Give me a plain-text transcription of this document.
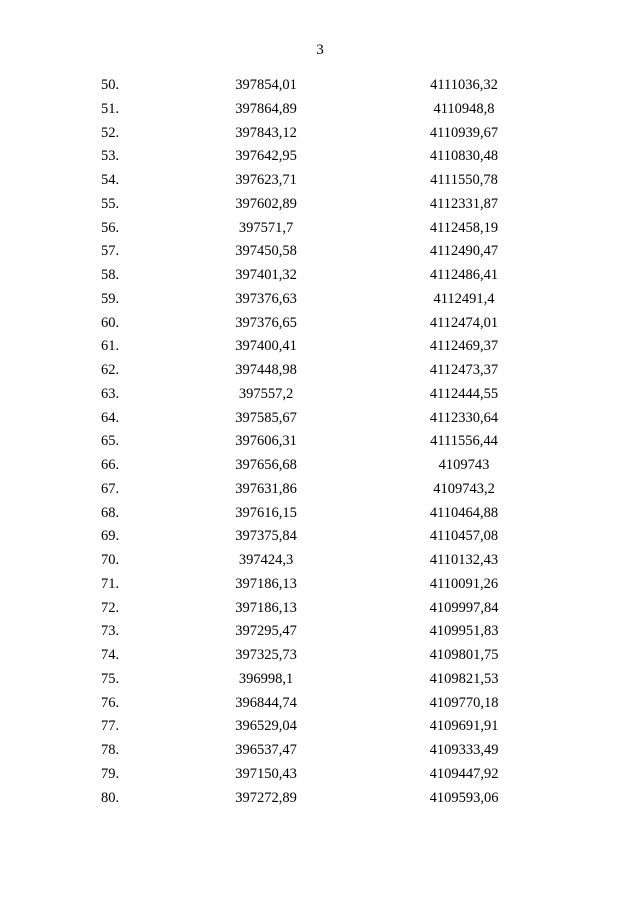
3
50.	397854,01	4111036,32
51.	397864,89	4110948,8
52.	397843,12	4110939,67
53.	397642,95	4110830,48
54.	397623,71	4111550,78
55.	397602,89	4112331,87
56.	397571,7	4112458,19
57.	397450,58	4112490,47
58.	397401,32	4112486,41
59.	397376,63	4112491,4
60.	397376,65	4112474,01
61.	397400,41	4112469,37
62.	397448,98	4112473,37
63.	397557,2	4112444,55
64.	397585,67	4112330,64
65.	397606,31	4111556,44
66.	397656,68	4109743
67.	397631,86	4109743,2
68.	397616,15	4110464,88
69.	397375,84	4110457,08
70.	397424,3	4110132,43
71.	397186,13	4110091,26
72.	397186,13	4109997,84
73.	397295,47	4109951,83
74.	397325,73	4109801,75
75.	396998,1	4109821,53
76.	396844,74	4109770,18
77.	396529,04	4109691,91
78.	396537,47	4109333,49
79.	397150,43	4109447,92
80.	397272,89	4109593,06
